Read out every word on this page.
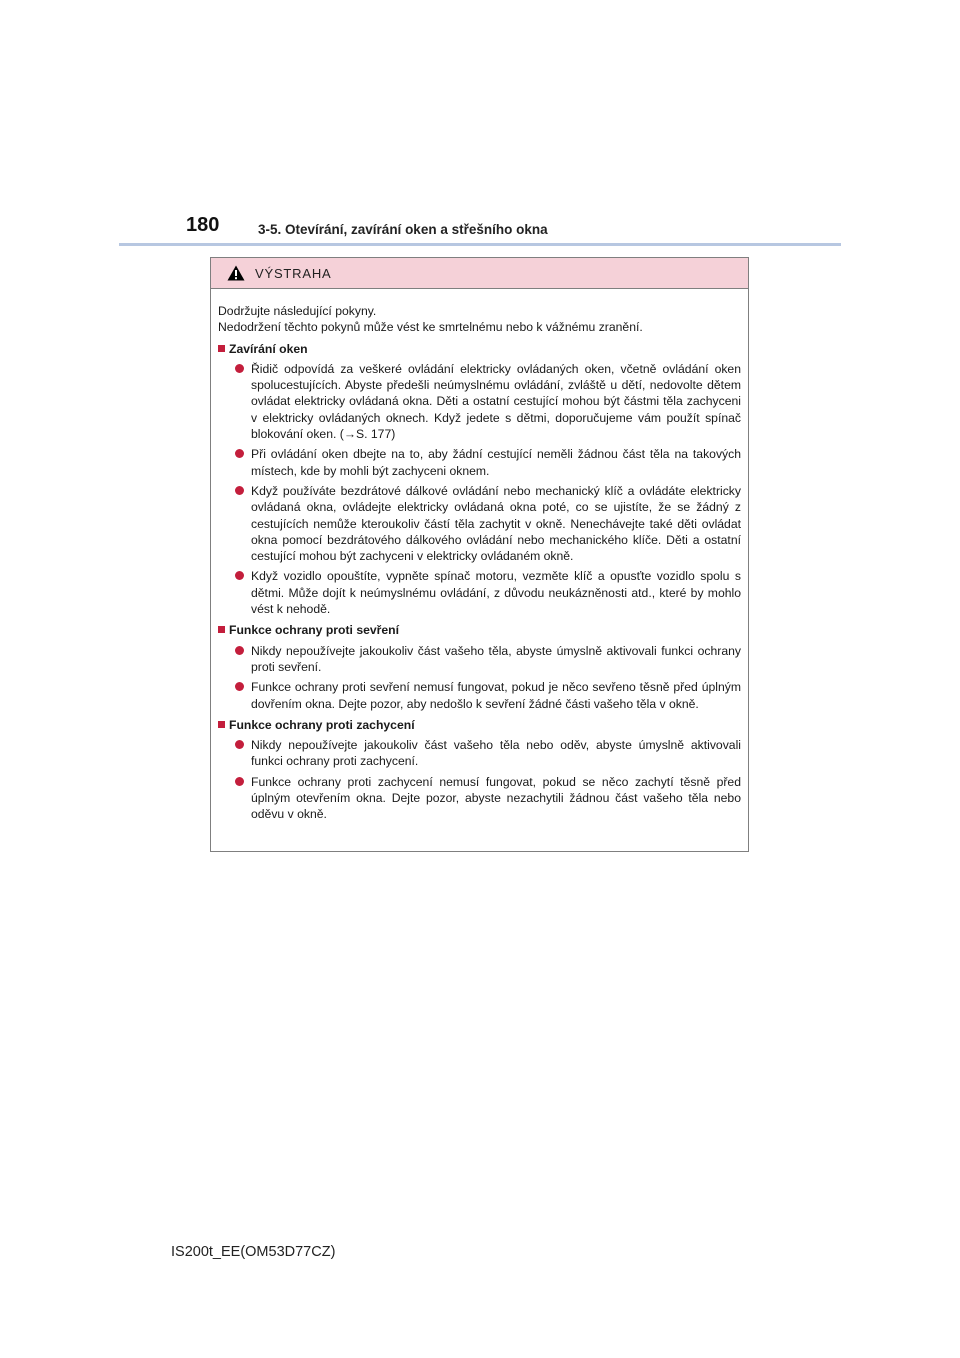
180	3-5. Otevírání, zavírání oken a střešního okna
VÝSTRAHA

Dodržujte následující pokyny.

Nedodržení těchto pokynů může vést ke smrtelnému nebo k vážnému zranění.

Zavírání oken
Řidič odpovídá za veškeré ovládání elektricky ovládaných oken, včetně ovládání oken spolucestujících. Abyste předešli neúmyslnému ovládání, zvláště u dětí, nedovolte dětem ovládat elektricky ovládaná okna. Děti a ostatní cestující mohou být částmi těla zachyceni v elektricky ovládaných oknech. Když jedete s dětmi, doporučujeme vám použít spínač blokování oken. (→S. 177)
Při ovládání oken dbejte na to, aby žádní cestující neměli žádnou část těla na takových místech, kde by mohli být zachyceni oknem.
Když používáte bezdrátové dálkové ovládání nebo mechanický klíč a ovládáte elektricky ovládaná okna, ovládejte elektricky ovládaná okna poté, co se ujistíte, že se žádný z cestujících nemůže kteroukoliv částí těla zachytit v okně. Nenechávejte také děti ovládat okna pomocí bezdrátového dálkového ovládání nebo mechanického klíče. Děti a ostatní cestující mohou být zachyceni v elektricky ovládaném okně.
Když vozidlo opouštíte, vypněte spínač motoru, vezměte klíč a opusťte vozidlo spolu s dětmi. Může dojít k neúmyslnému ovládání, z důvodu neukázněnosti atd., které by mohlo vést k nehodě.
Funkce ochrany proti sevření
Nikdy nepoužívejte jakoukoliv část vašeho těla, abyste úmyslně aktivovali funkci ochrany proti sevření.
Funkce ochrany proti sevření nemusí fungovat, pokud je něco sevřeno těsně před úplným dovřením okna. Dejte pozor, aby nedošlo k sevření žádné části vašeho těla v okně.
Funkce ochrany proti zachycení
Nikdy nepoužívejte jakoukoliv část vašeho těla nebo oděv, abyste úmyslně aktivovali funkci ochrany proti zachycení.
Funkce ochrany proti zachycení nemusí fungovat, pokud se něco zachytí těsně před úplným otevřením okna. Dejte pozor, abyste nezachytili žádnou část vašeho těla nebo oděvu v okně.
IS200t_EE(OM53D77CZ)
